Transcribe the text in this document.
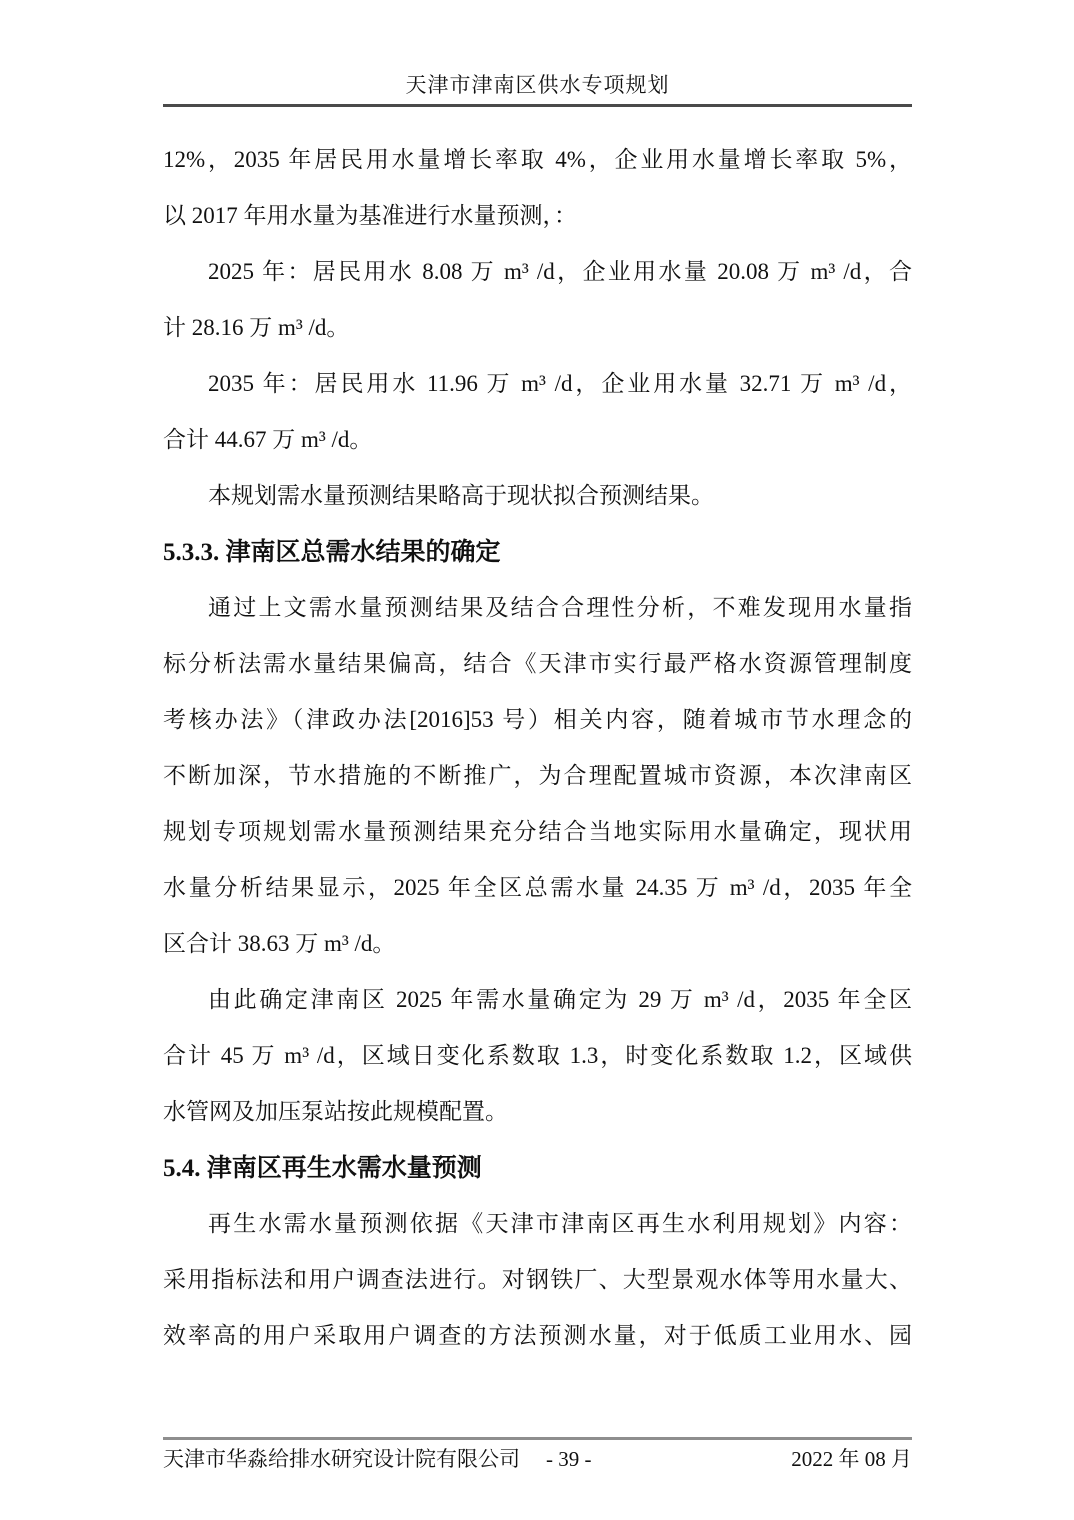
天津市津南区供水专项规划
12%，2035 年居民用水量增长率取 4%，企业用水量增长率取 5%，
以 2017 年用水量为基准进行水量预测，：
2025 年：居民用水 8.08 万 m³ /d，企业用水量 20.08 万 m³ /d，合
计 28.16 万 m³ /d。
2035 年：居民用水 11.96 万 m³ /d，企业用水量 32.71 万 m³ /d，
合计 44.67 万 m³ /d。
本规划需水量预测结果略高于现状拟合预测结果。
5.3.3. 津南区总需水结果的确定
通过上文需水量预测结果及结合合理性分析，不难发现用水量指
标分析法需水量结果偏高，结合《天津市实行最严格水资源管理制度
考核办法》（津政办法[2016]53 号）相关内容，随着城市节水理念的
不断加深，节水措施的不断推广，为合理配置城市资源，本次津南区
规划专项规划需水量预测结果充分结合当地实际用水量确定，现状用
水量分析结果显示，2025 年全区总需水量 24.35 万 m³ /d，2035 年全
区合计 38.63 万 m³ /d。
由此确定津南区 2025 年需水量确定为 29 万 m³ /d，2035 年全区
合计 45 万 m³ /d，区域日变化系数取 1.3，时变化系数取 1.2，区域供
水管网及加压泵站按此规模配置。
5.4. 津南区再生水需水量预测
再生水需水量预测依据《天津市津南区再生水利用规划》内容：
采用指标法和用户调查法进行。对钢铁厂、大型景观水体等用水量大、
效率高的用户采取用户调查的方法预测水量，对于低质工业用水、园
天津市华淼给排水研究设计院有限公司 - 39 -	2022 年 08 月
